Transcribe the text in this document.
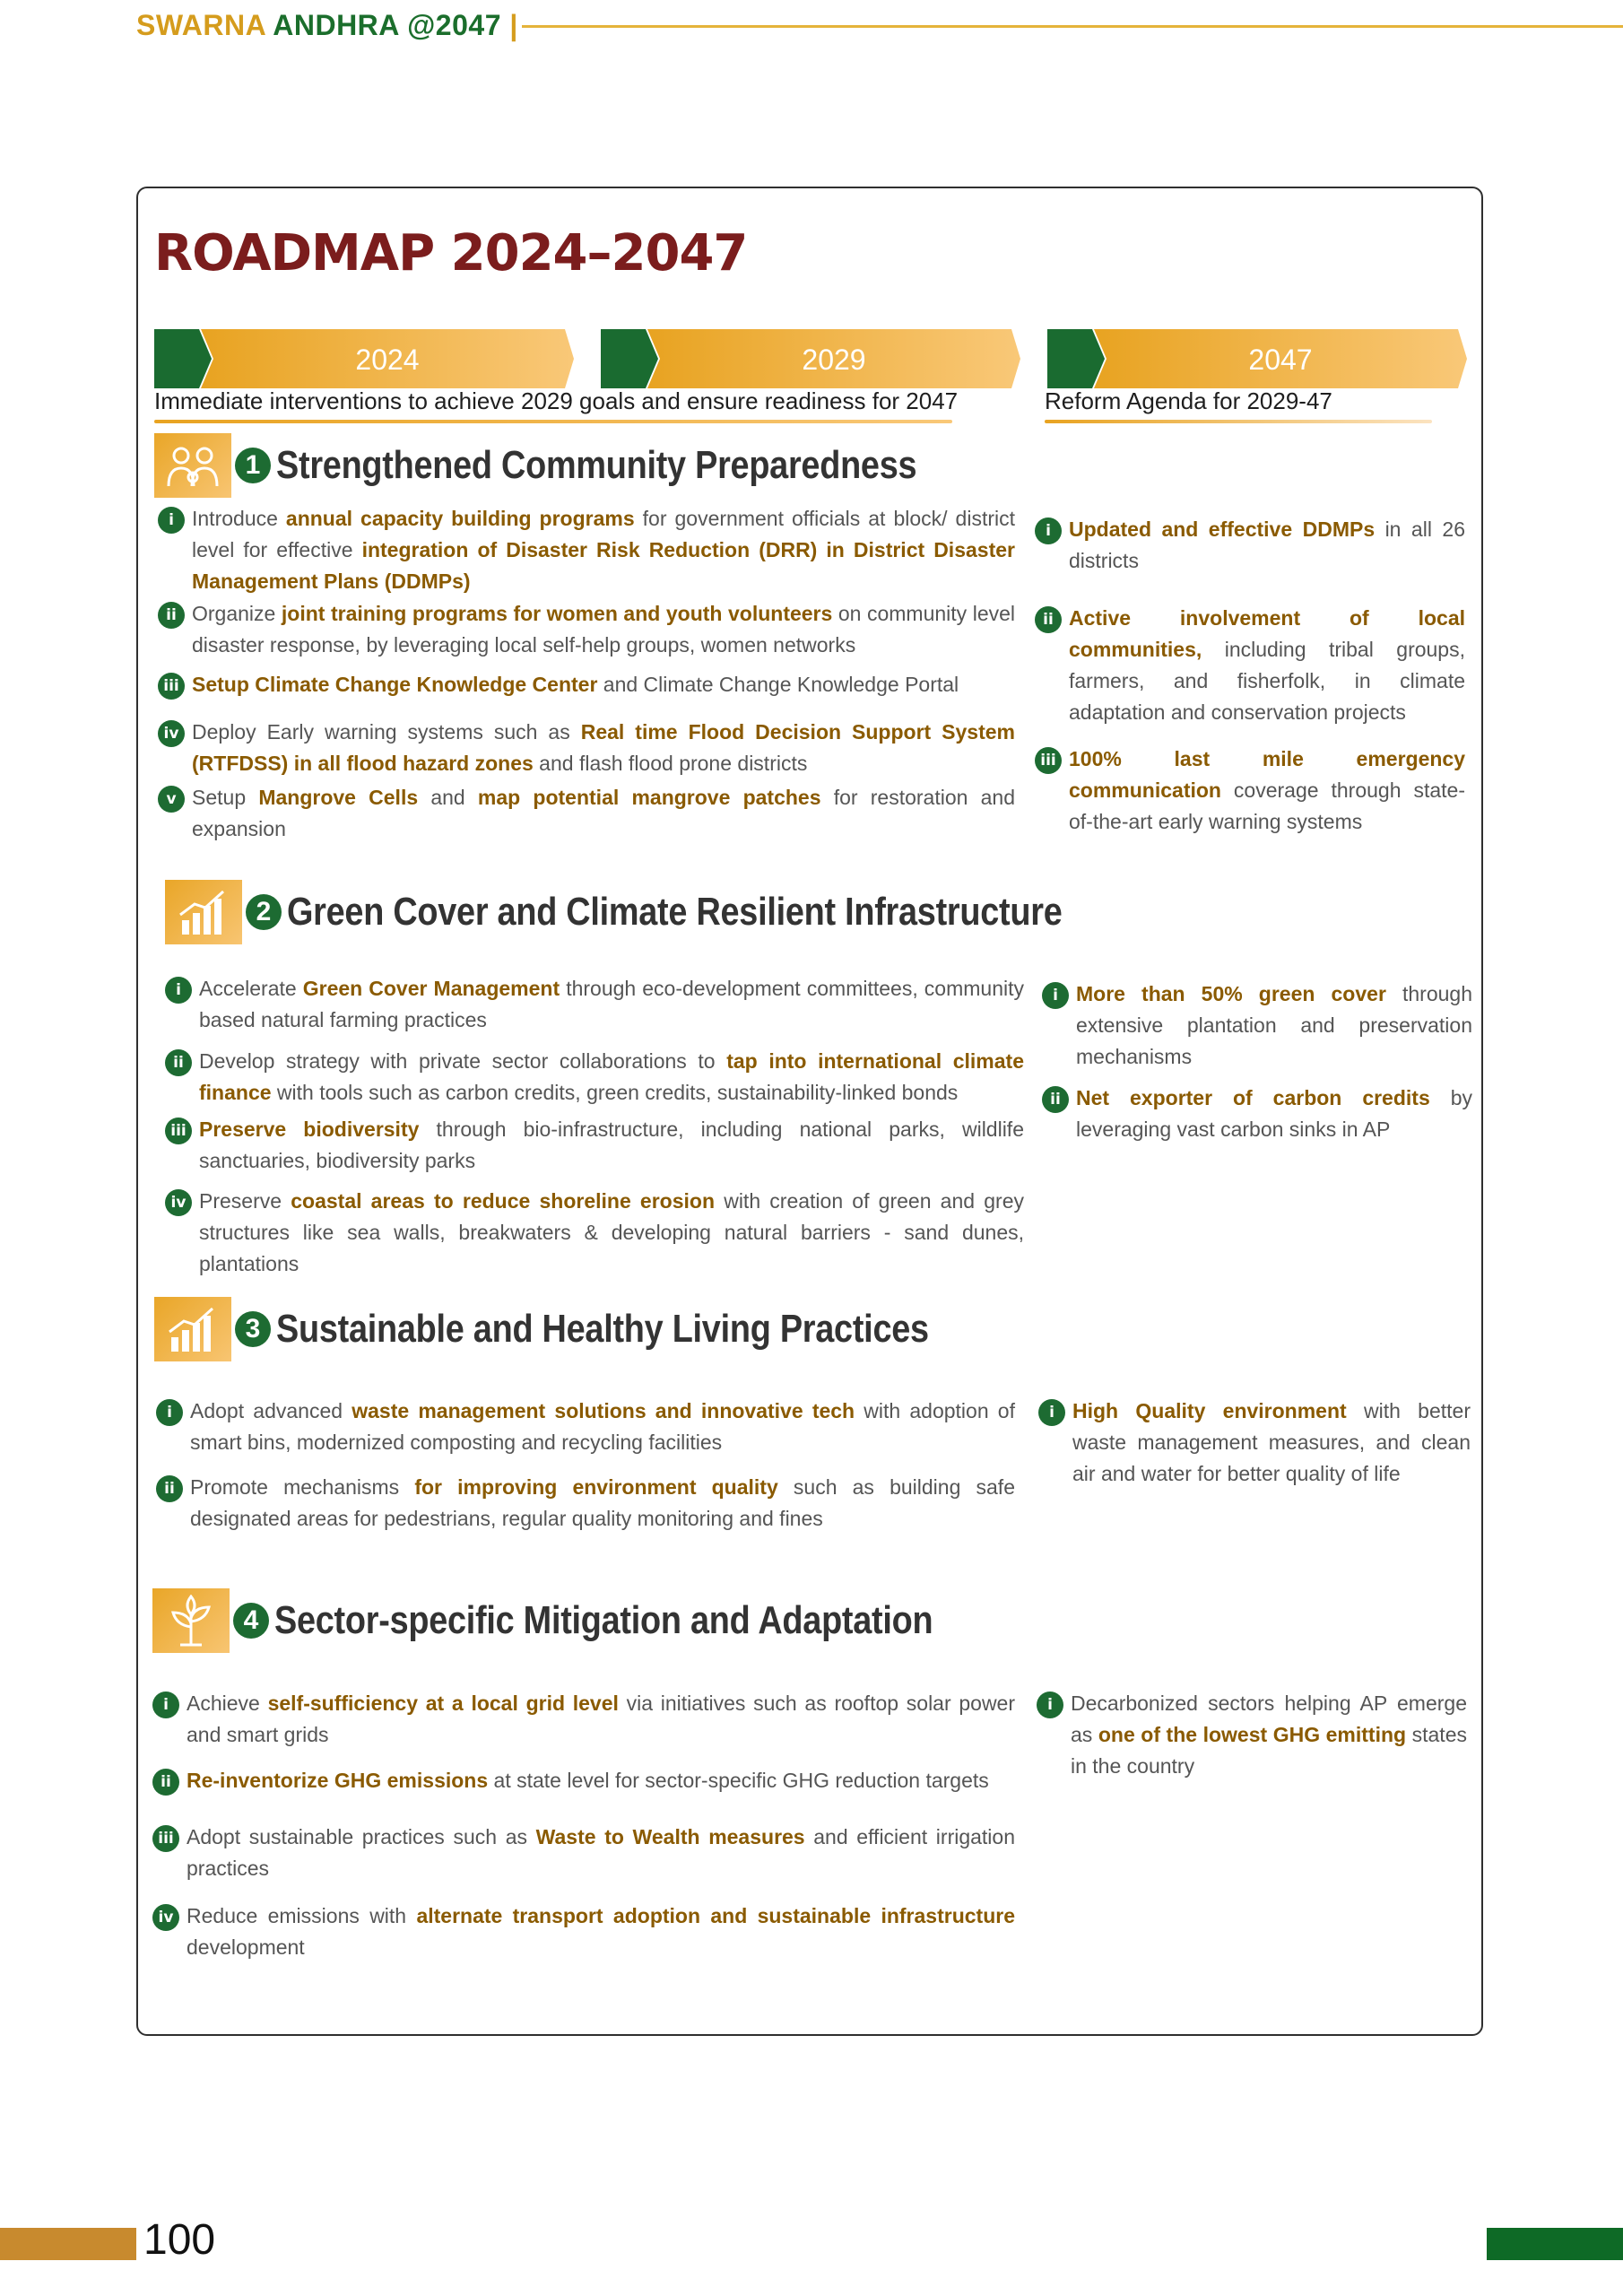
SWARNA ANDHRA @2047 |
ROADMAP 2024–2047
2024	2029	2047
Immediate interventions to achieve 2029 goals and ensure readiness for 2047	Reform Agenda for 2029-47
1 Strengthened Community Preparedness
i Introduce annual capacity building programs for government officials at block/ district level for effective integration of Disaster Risk Reduction (DRR) in District Disaster Management Plans (DDMPs)
ii Organize joint training programs for women and youth volunteers on community level disaster response, by leveraging local self-help groups, women networks
iii Setup Climate Change Knowledge Center and Climate Change Knowledge Portal
iv Deploy Early warning systems such as Real time Flood Decision Support System (RTFDSS) in all flood hazard zones and flash flood prone districts
v Setup Mangrove Cells and map potential mangrove patches for restoration and expansion
i Updated and effective DDMPs in all 26 districts
ii Active involvement of local communities, including tribal groups, farmers, and fisherfolk, in climate adaptation and conservation projects
iii 100% last mile emergency communication coverage through state-of-the-art early warning systems
2 Green Cover and Climate Resilient Infrastructure
i Accelerate Green Cover Management through eco-development committees, community based natural farming practices
ii Develop strategy with private sector collaborations to tap into international climate finance with tools such as carbon credits, green credits, sustainability-linked bonds
iii Preserve biodiversity through bio-infrastructure, including national parks, wildlife sanctuaries, biodiversity parks
iv Preserve coastal areas to reduce shoreline erosion with creation of green and grey structures like sea walls, breakwaters & developing natural barriers - sand dunes, plantations
i More than 50% green cover through extensive plantation and preservation mechanisms
ii Net exporter of carbon credits by leveraging vast carbon sinks in AP
3 Sustainable and Healthy Living Practices
i Adopt advanced waste management solutions and innovative tech with adoption of smart bins, modernized composting and recycling facilities
ii Promote mechanisms for improving environment quality such as building safe designated areas for pedestrians, regular quality monitoring and fines
i High Quality environment with better waste management measures, and clean air and water for better quality of life
4 Sector-specific Mitigation and Adaptation
i Achieve self-sufficiency at a local grid level via initiatives such as rooftop solar power and smart grids
ii Re-inventorize GHG emissions at state level for sector-specific GHG reduction targets
iii Adopt sustainable practices such as Waste to Wealth measures and efficient irrigation practices
iv Reduce emissions with alternate transport adoption and sustainable infrastructure development
i Decarbonized sectors helping AP emerge as one of the lowest GHG emitting states in the country
100
